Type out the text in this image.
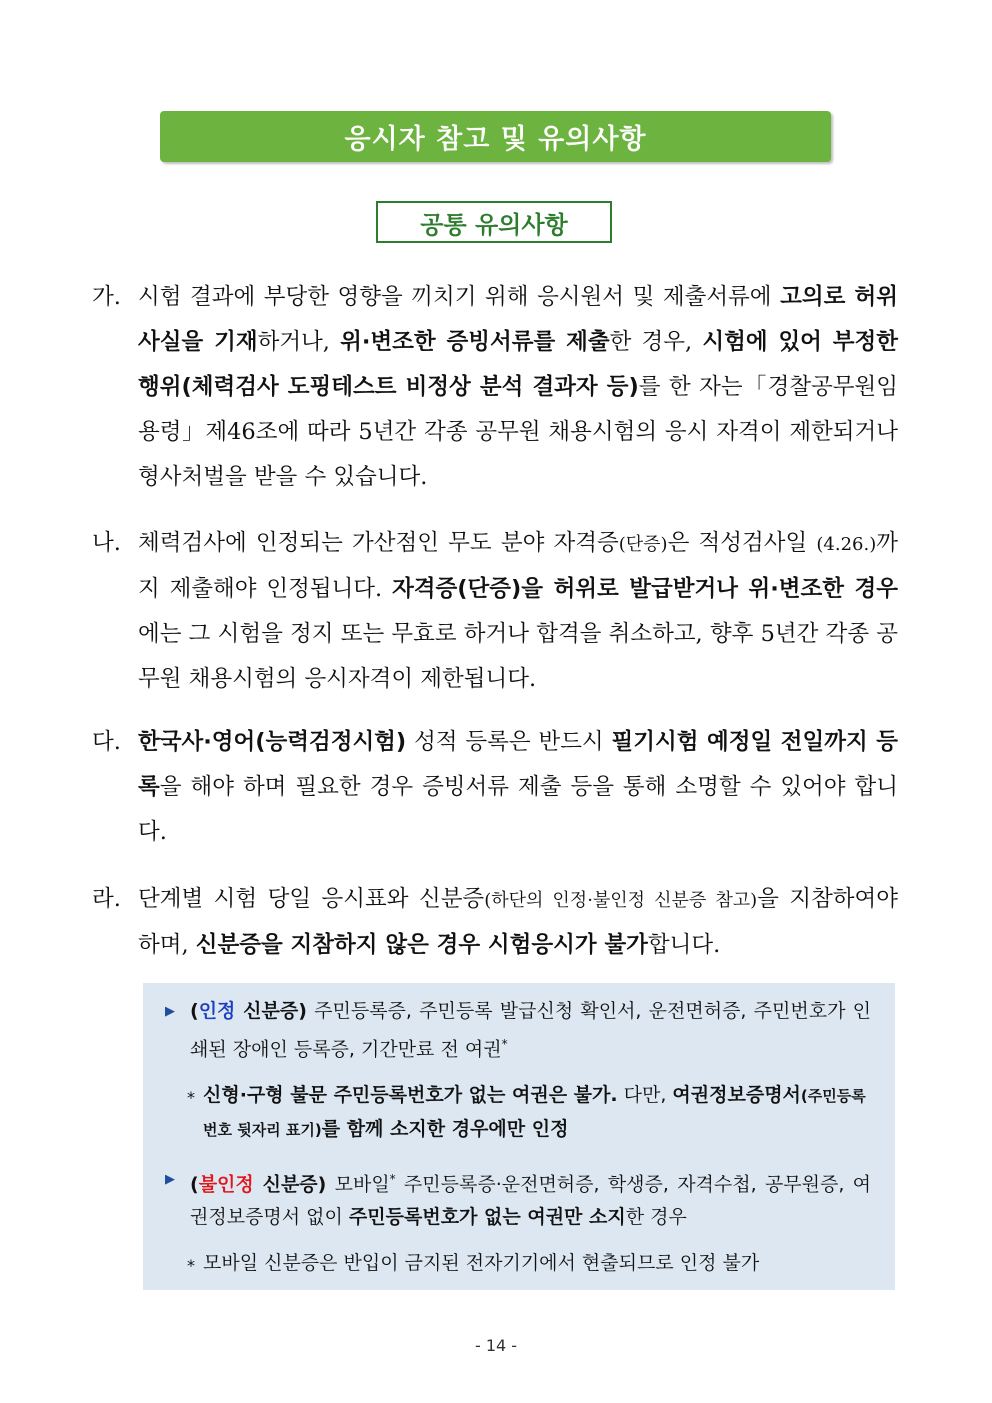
응시자 참고 및 유의사항
공통 유의사항
가. 시험 결과에 부당한 영향을 끼치기 위해 응시원서 및 제출서류에 고의로 허위사실을 기재하거나, 위·변조한 증빙서류를 제출한 경우, 시험에 있어 부정한 행위(체력검사 도핑테스트 비정상 분석 결과자 등)를 한 자는「경찰공무원임용령」제46조에 따라 5년간 각종 공무원 채용시험의 응시 자격이 제한되거나 형사처벌을 받을 수 있습니다.
나. 체력검사에 인정되는 가산점인 무도 분야 자격증(단증)은 적성검사일 (4.26.)까지 제출해야 인정됩니다. 자격증(단증)을 허위로 발급받거나 위·변조한 경우에는 그 시험을 정지 또는 무효로 하거나 합격을 취소하고, 향후 5년간 각종 공무원 채용시험의 응시자격이 제한됩니다.
다. 한국사·영어(능력검정시험) 성적 등록은 반드시 필기시험 예정일 전일까지 등록을 해야 하며 필요한 경우 증빙서류 제출 등을 통해 소명할 수 있어야 합니다.
라. 단계별 시험 당일 응시표와 신분증(하단의 인정·불인정 신분증 참고)을 지참하여야 하며, 신분증을 지참하지 않은 경우 시험응시가 불가합니다.
▶ (인정 신분증) 주민등록증, 주민등록 발급신청 확인서, 운전면허증, 주민번호가 인쇄된 장애인 등록증, 기간만료 전 여권*
* 신형·구형 불문 주민등록번호가 없는 여권은 불가. 다만, 여권정보증명서(주민등록번호 뒷자리 표기)를 함께 소지한 경우에만 인정
▶ (불인정 신분증) 모바일* 주민등록증·운전면허증, 학생증, 자격수첩, 공무원증, 여권정보증명서 없이 주민등록번호가 없는 여권만 소지한 경우
* 모바일 신분증은 반입이 금지된 전자기기에서 현출되므로 인정 불가
- 14 -
